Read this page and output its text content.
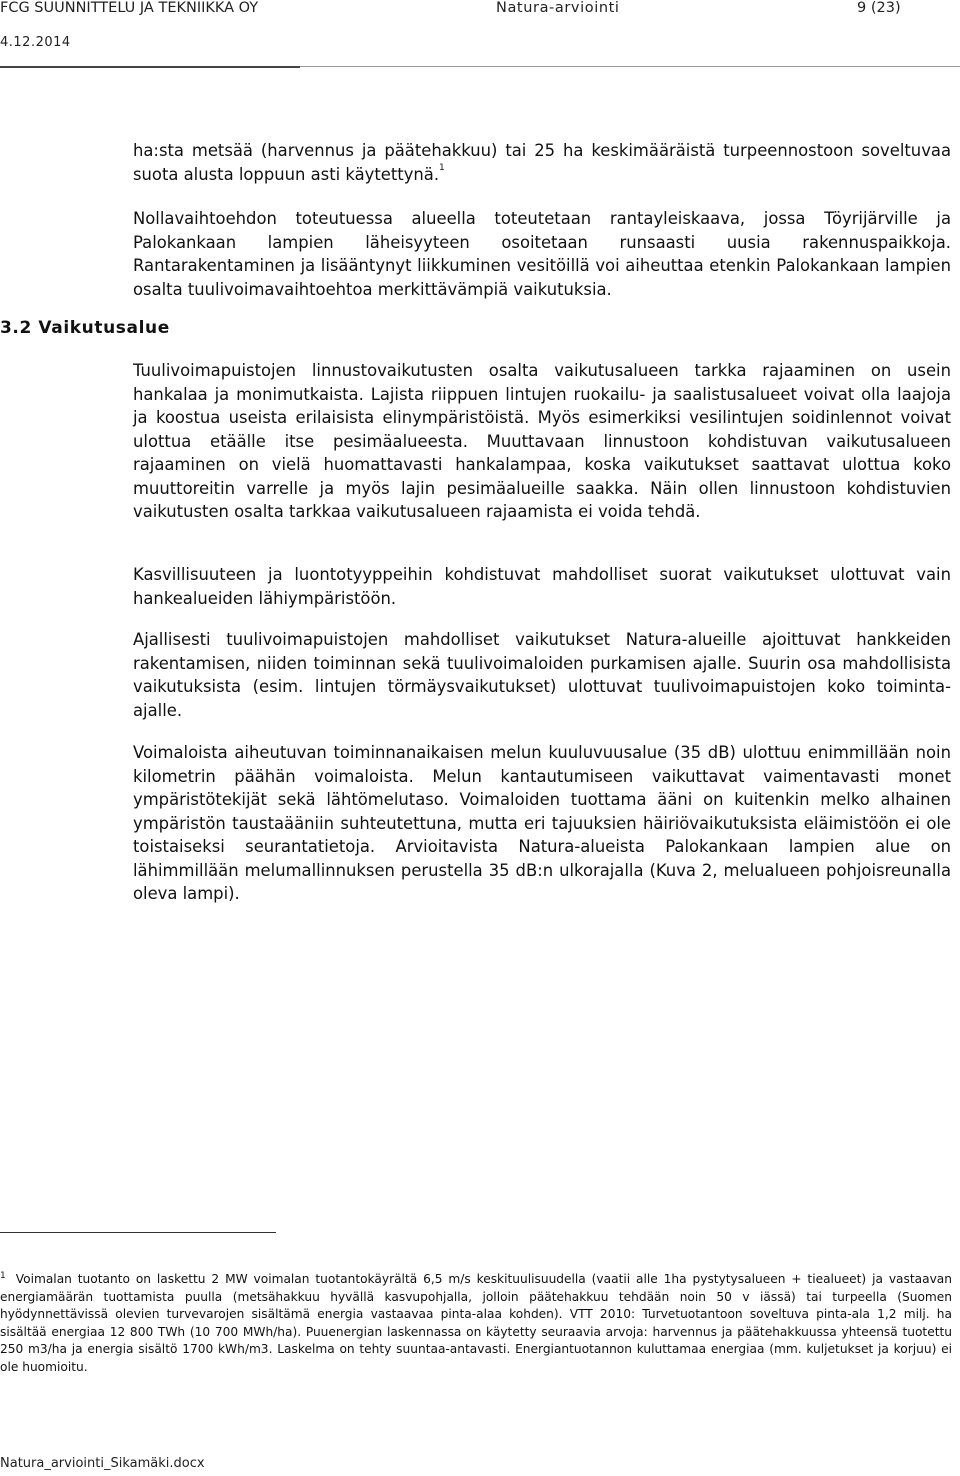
FCG SUUNNITTELU JA TEKNIIKKA OY	Natura-arviointi	9 (23)
4.12.2014

ha:sta metsää (harvennus ja päätehakkuu) tai 25 ha keskimääräistä turpeennostoon soveltuvaa suota alusta loppuun asti käytettynä.$^1$

Nollavaihtoehdon toteutuessa alueella toteutetaan rantayleiskaava, jossa Töyrijärville ja Palokankaan lampien läheisyyteen osoitetaan runsaasti uusia rakennuspaikkoja. Rantarakentaminen ja lisääntynyt liikkuminen vesitöillä voi aiheuttaa etenkin Palokankaan lampien osalta tuulivoimavaihtoehtoa merkittävämpiä vaikutuksia.

3.2 Vaikutusalue

Tuulivoimapuistojen linnustovaikutusten osalta vaikutusalueen tarkka rajaaminen on usein hankalaa ja monimutkaista. Lajista riippuen lintujen ruokailu- ja saalistusalueet voivat olla laajoja ja koostua useista erilaisista elinympäristöistä. Myös esimerkiksi vesilintujen soidinlennot voivat ulottua etäälle itse pesimäalueesta. Muuttavaan linnustoon kohdistuvan vaikutusalueen rajaaminen on vielä huomattavasti hankalampaa, koska vaikutukset saattavat ulottua koko muuttoreitin varrelle ja myös lajin pesimäalueille saakka. Näin ollen linnustoon kohdistuvien vaikutusten osalta tarkkaa vaikutusalueen rajaamista ei voida tehdä.

Kasvillisuuteen ja luontotyyppeihin kohdistuvat mahdolliset suorat vaikutukset ulottuvat vain hankealueiden lähiympäristöön.

Ajallisesti tuulivoimapuistojen mahdolliset vaikutukset Natura-alueille ajoittuvat hankkeiden rakentamisen, niiden toiminnan sekä tuulivoimaloiden purkamisen ajalle. Suurin osa mahdollisista vaikutuksista (esim. lintujen törmäysvaikutukset) ulottuvat tuulivoimapuistojen koko toiminta-ajalle.

Voimaloista aiheutuvan toiminnanaikaisen melun kuuluvuusalue (35 dB) ulottuu enimmillään noin kilometrin päähän voimaloista. Melun kantautumiseen vaikuttavat vaimentavasti monet ympäristötekijät sekä lähtömelutaso. Voimaloiden tuottama ääni on kuitenkin melko alhainen ympäristön taustaääniin suhteutettuna, mutta eri tajuuksien häiriövaikutuksista eläimistöön ei ole toistaiseksi seurantatietoja. Arvioitavista Natura-alueista Palokankaan lampien alue on lähimmillään melumallinnuksen perustella 35 dB:n ulkorajalla (Kuva 2, melualueen pohjoisreunalla oleva lampi).

$^1$ Voimalan tuotanto on laskettu 2 MW voimalan tuotantokäyrältä 6,5 m/s keskituulisuudella (vaatii alle 1ha pystytysalueen + tiealueet) ja vastaavan energiamäärän tuottamista puulla (metsähakkuu hyvällä kasvupohjalla, jolloin päätehakkuu tehdään noin 50 v iässä) tai turpeella (Suomen hyödynnettävissä olevien turvevarojen sisältämä energia vastaavaa pinta-alaa kohden). VTT 2010: Turvetuotantoon soveltuva pinta-ala 1,2 milj. ha sisältää energiaa 12 800 TWh (10 700 MWh/ha). Puuenergian laskennassa on käytetty seuraavia arvoja: harvennus ja päätehakkuussa yhteensä tuotettu 250 m3/ha ja energia sisältö 1700 kWh/m3. Laskelma on tehty suuntaa-antavasti. Energiantuotannon kuluttamaa energiaa (mm. kuljetukset ja korjuu) ei ole huomioitu.

Natura_arviointi_Sikamäki.docx
